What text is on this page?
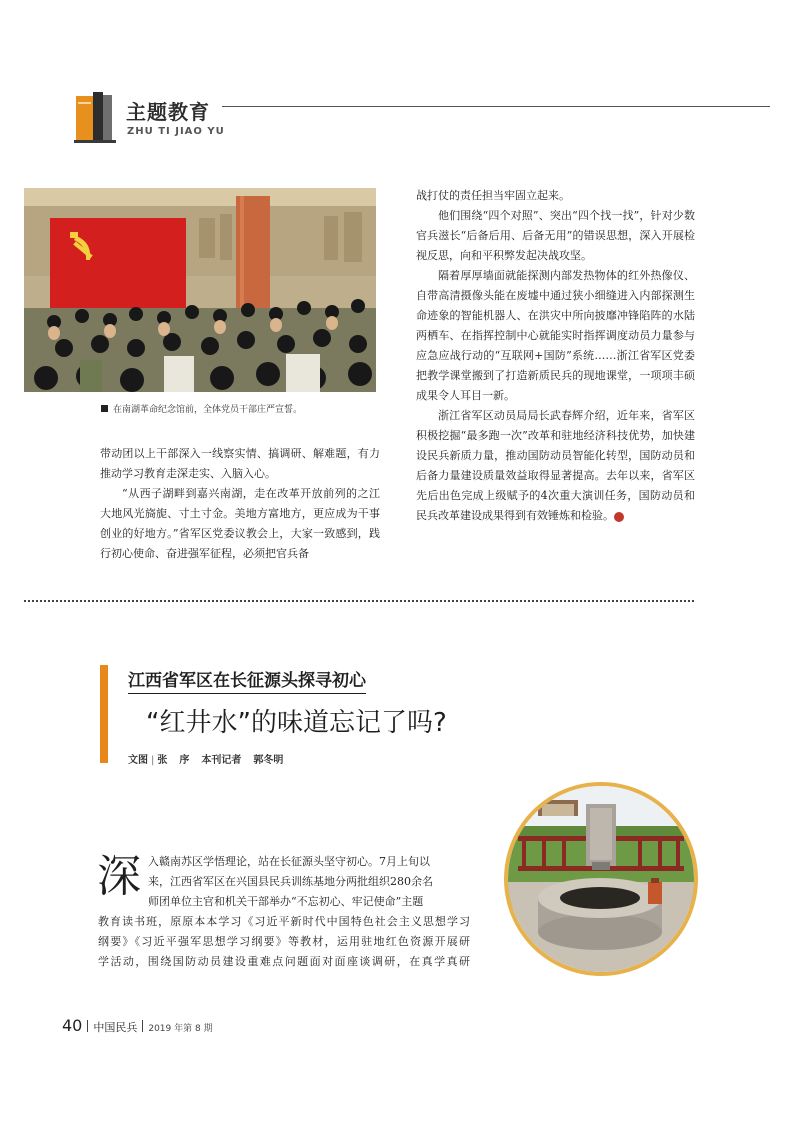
主题教育
ZHU TI JIAO YU
在南湖革命纪念馆前，全体党员干部庄严宣誓。

带动团以上干部深入一线察实情、搞调研、解难题，有力推动学习教育走深走实、入脑入心。

“从西子湖畔到嘉兴南湖，走在改革开放前列的之江大地风光旖旎、寸土寸金。美地方富地方，更应成为干事创业的好地方。”省军区党委议教会上，大家一致感到，践行初心使命、奋进强军征程，必须把官兵备

战打仗的责任担当牢固立起来。

他们围绕“四个对照”、突出“四个找一找”，针对少数官兵滋长“后备后用、后备无用”的错误思想，深入开展检视反思，向和平积弊发起决战攻坚。

隔着厚厚墙面就能探测内部发热物体的红外热像仪、自带高清摄像头能在废墟中通过狭小细缝进入内部探测生命迹象的智能机器人、在洪灾中所向披靡冲锋陷阵的水陆两栖车、在指挥控制中心就能实时指挥调度动员力量参与应急应战行动的“互联网+国防”系统……浙江省军区党委把教学课堂搬到了打造新质民兵的现地课堂，一项项丰硕成果令人耳目一新。

浙江省军区动员局局长武春辉介绍，近年来，省军区积极挖掘“最多跑一次”改革和驻地经济科技优势，加快建设民兵新质力量，推动国防动员智能化转型，国防动员和后备力量建设质量效益取得显著提高。去年以来，省军区先后出色完成上级赋予的4次重大演训任务，国防动员和民兵改革建设成果得到有效锤炼和检验。	中

江西省军区在长征源头探寻初心
“红井水”的味道忘记了吗?
文图 | 张 序 本刊记者 郭冬明
深 入赣南苏区学悟理论，站在长征源头坚守初心。7月上旬以
来，江西省军区在兴国县民兵训练基地分两批组织280余名
师团单位主官和机关干部举办“不忘初心、牢记使命”主题
教育读书班，原原本本学习《习近平新时代中国特色社会主义思想学习
纲要》《习近平强军思想学习纲要》等教材，运用驻地红色资源开展研
学活动，围绕国防动员建设重难点问题面对面座谈调研，在真学真研
40 中国民兵 2019 年第 8 期
